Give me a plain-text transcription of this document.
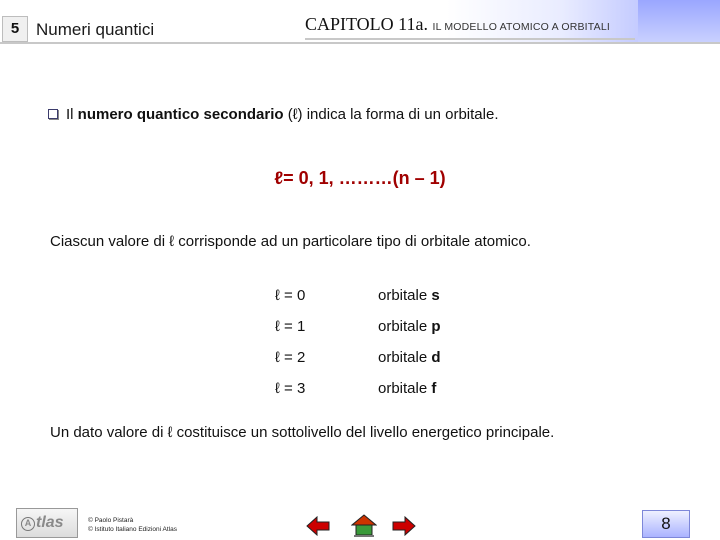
5 Numeri quantici	CAPITOLO 11a. IL MODELLO ATOMICO A ORBITALI
Il numero quantico secondario (ℓ) indica la forma di un orbitale.
ℓ= 0, 1, ………(n – 1)
Ciascun valore di ℓ corrisponde ad un particolare tipo di orbitale atomico.
ℓ = 0	orbitale s
ℓ = 1	orbitale p
ℓ = 2	orbitale d
ℓ = 3	orbitale f
Un dato valore di ℓ costituisce un sottolivello del livello energetico principale.
A tlas	© Paolo Pistarà
© Istituto Italiano Edizioni Atlas	8
